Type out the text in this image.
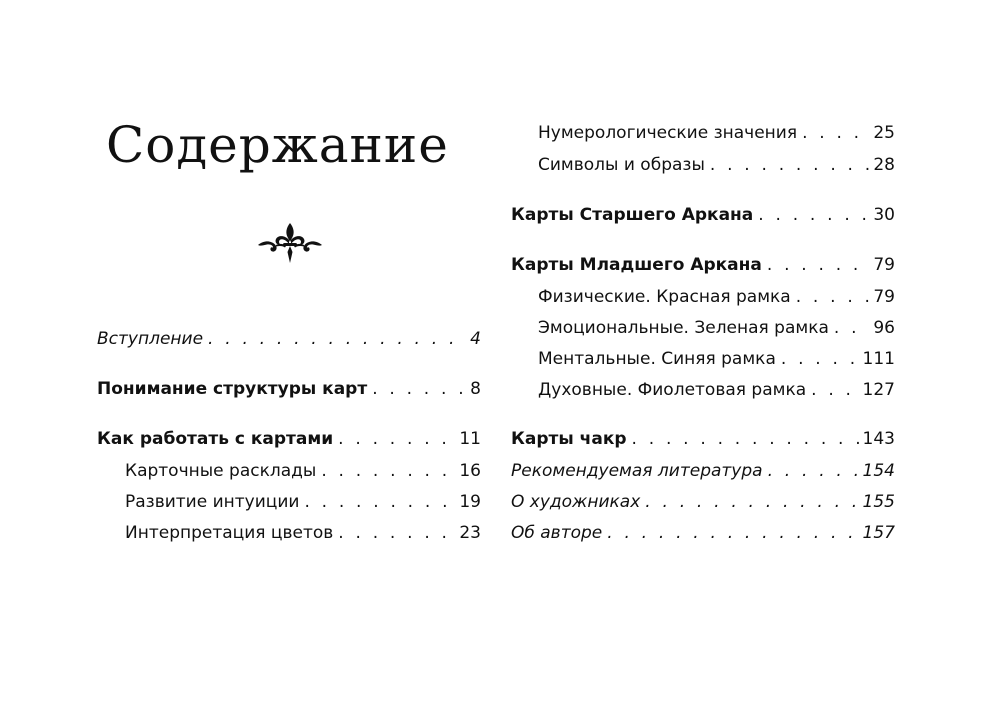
Содержание
Вступление . . .	4
Понимание структуры карт . . .	8
Как работать с картами . . .	11
Карточные расклады . . .	16
Развитие интуиции . . .	19
Интерпретация цветов . . .	23
Нумерологические значения . . .	25
Символы и образы . . .	28
Карты Старшего Аркана . . .	30
Карты Младшего Аркана . . .	79
Физические. Красная рамка . . .	79
Эмоциональные. Зеленая рамка . . .	96
Ментальные. Синяя рамка . . .	111
Духовные. Фиолетовая рамка . . .	127
Карты чакр . . .	143
Рекомендуемая литература . . .	154
О художниках . . .	155
Об авторе . . .	157
